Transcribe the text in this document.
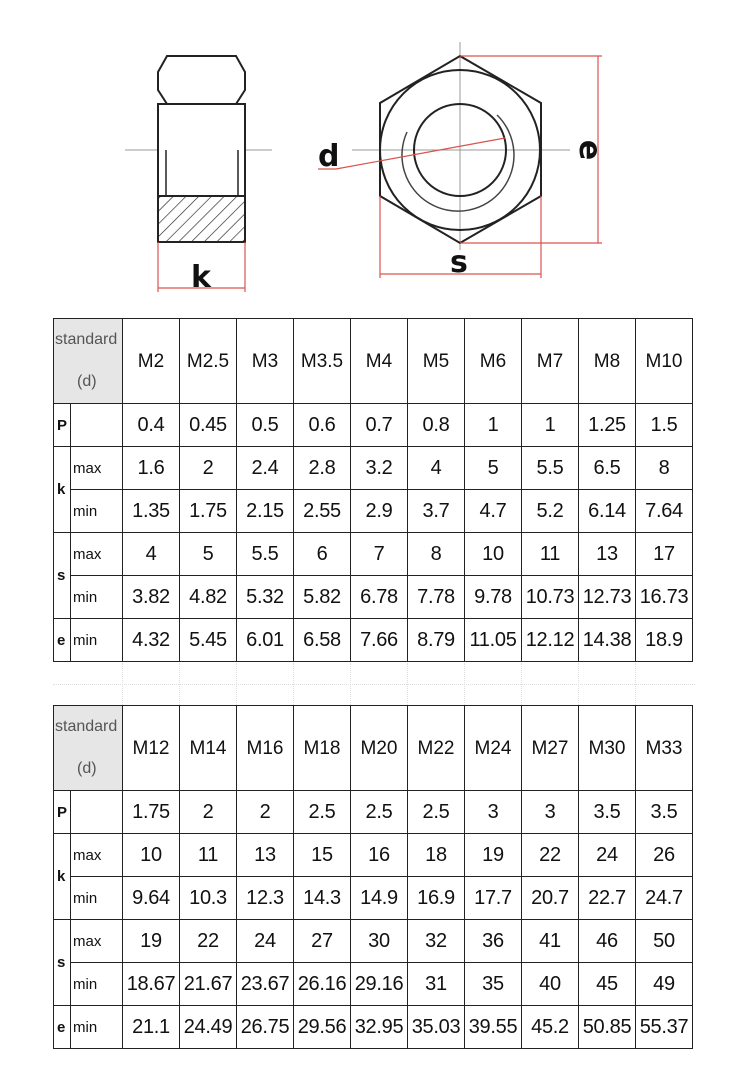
k
d	e
s
standard
(d)		M2	M2.5	M3	M3.5	M4	M5	M6	M7	M8	M10
P		0.4	0.45	0.5	0.6	0.7	0.8	1	1	1.25	1.5
k	max	1.6	2	2.4	2.8	3.2	4	5	5.5	6.5	8
	min	1.35	1.75	2.15	2.55	2.9	3.7	4.7	5.2	6.14	7.64
s	max	4	5	5.5	6	7	8	10	11	13	17
	min	3.82	4.82	5.32	5.82	6.78	7.78	9.78	10.73	12.73	16.73
e	min	4.32	5.45	6.01	6.58	7.66	8.79	11.05	12.12	14.38	18.9
standard
(d)		M12	M14	M16	M18	M20	M22	M24	M27	M30	M33
P		1.75	2	2	2.5	2.5	2.5	3	3	3.5	3.5
k	max	10	11	13	15	16	18	19	22	24	26
	min	9.64	10.3	12.3	14.3	14.9	16.9	17.7	20.7	22.7	24.7
s	max	19	22	24	27	30	32	36	41	46	50
	min	18.67	21.67	23.67	26.16	29.16	31	35	40	45	49
e	min	21.1	24.49	26.75	29.56	32.95	35.03	39.55	45.2	50.85	55.37
